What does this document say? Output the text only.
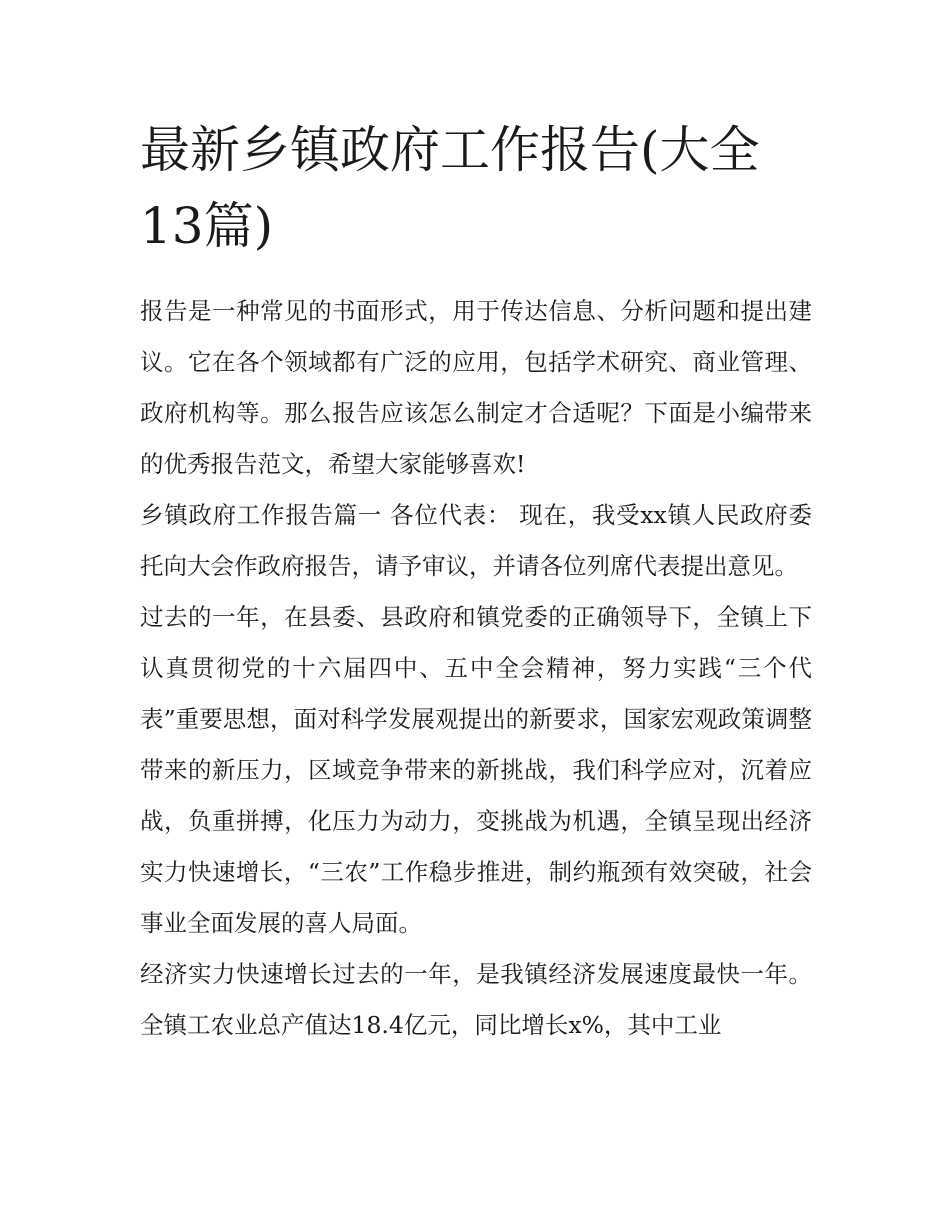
最新乡镇政府工作报告(大全13篇)

报告是一种常见的书面形式，用于传达信息、分析问题和提出建议。它在各个领域都有广泛的应用，包括学术研究、商业管理、政府机构等。那么报告应该怎么制定才合适呢？下面是小编带来的优秀报告范文，希望大家能够喜欢!

乡镇政府工作报告篇一 各位代表： 现在，我受xx镇人民政府委托向大会作政府报告，请予审议，并请各位列席代表提出意见。

过去的一年，在县委、县政府和镇党委的正确领导下，全镇上下认真贯彻党的十六届四中、五中全会精神，努力实践“三个代表”重要思想，面对科学发展观提出的新要求，国家宏观政策调整带来的新压力，区域竞争带来的新挑战，我们科学应对，沉着应战，负重拼搏，化压力为动力，变挑战为机遇，全镇呈现出经济实力快速增长，“三农”工作稳步推进，制约瓶颈有效突破，社会事业全面发展的喜人局面。

经济实力快速增长过去的一年，是我镇经济发展速度最快一年。全镇工农业总产值达18.4亿元，同比增长x%，其中工业
